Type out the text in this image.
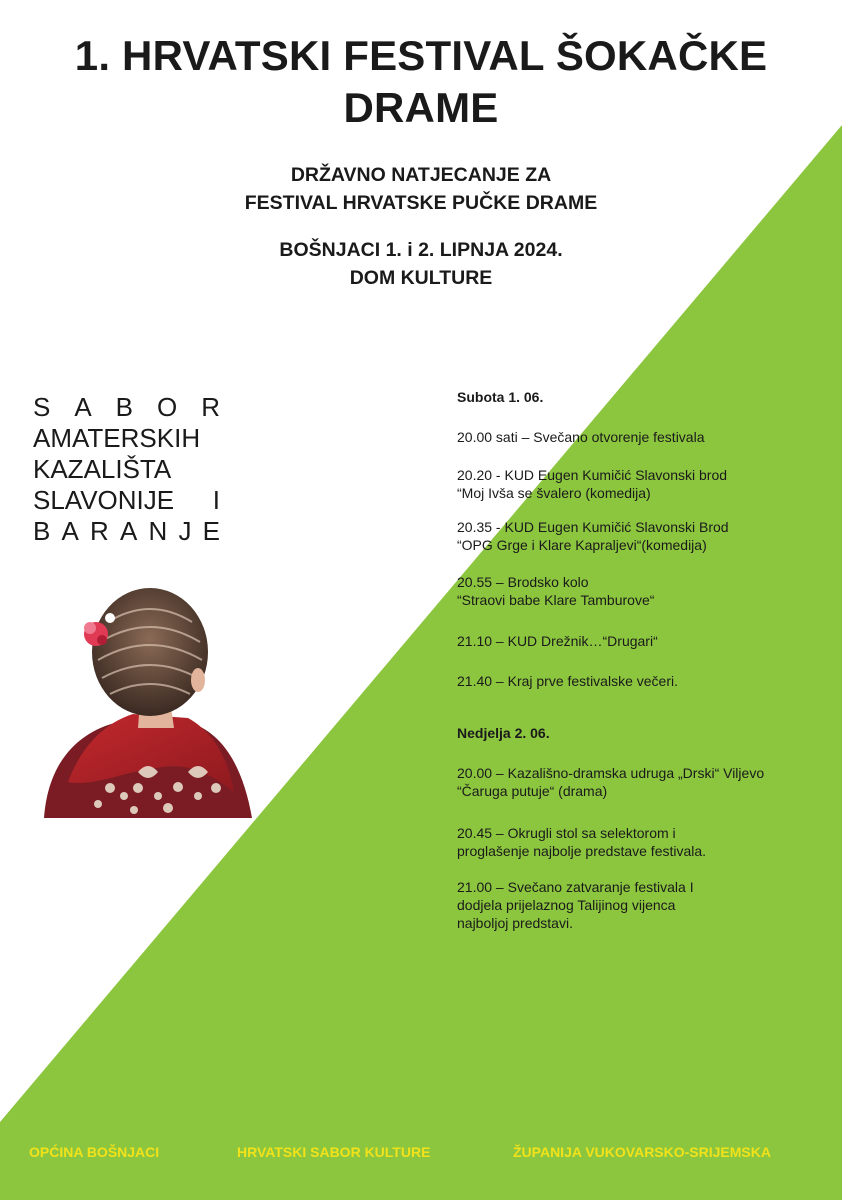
1. HRVATSKI FESTIVAL ŠOKAČKE
DRAME
DRŽAVNO NATJECANJE ZA
FESTIVAL HRVATSKE PUČKE DRAME
BOŠNJACI 1. i 2. LIPNJA 2024.
DOM KULTURE
S A B O R
AMATERSKIH
KAZALIŠTA
SLAVONIJE I
B A R A N J E
Subota 1. 06.
20.00 sati – Svečano otvorenje festivala
20.20 - KUD Eugen Kumičić Slavonski brod
“Moj Ivša se švalero (komedija)
20.35 - KUD Eugen Kumičić Slavonski Brod
“OPG Grge i Klare Kapraljevi“(komedija)
20.55 – Brodsko kolo
“Straovi babe Klare Tamburove“
21.10 – KUD Drežnik…“Drugari“
21.40 – Kraj prve festivalske večeri.
Nedjelja 2. 06.
20.00 – Kazališno-dramska udruga „Drski“ Viljevo
“Čaruga putuje“ (drama)
20.45 – Okrugli stol sa selektorom i
proglašenje najbolje predstave festivala.
21.00 – Svečano zatvaranje festivala I
dodjela prijelaznog Talijinog vijenca
najboljoj predstavi.
OPĆINA BOŠNJACI	HRVATSKI SABOR KULTURE	ŽUPANIJA VUKOVARSKO-SRIJEMSKA
